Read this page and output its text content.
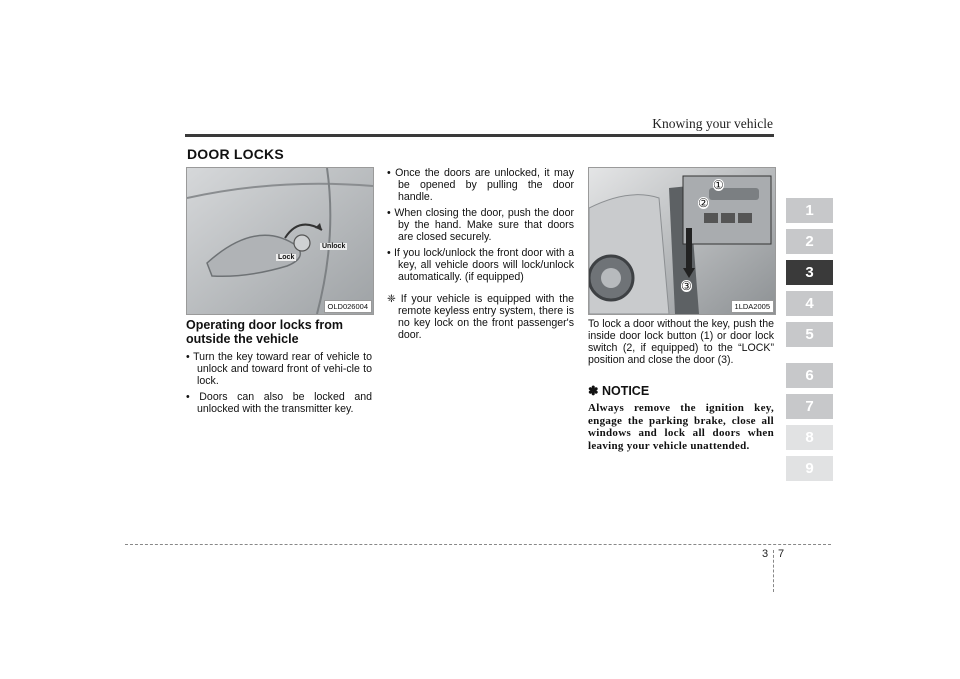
Knowing your vehicle
DOOR LOCKS
Lock
Unlock
OLD026004
Operating door locks from outside the vehicle
• Turn the key toward rear of vehicle to unlock and toward front of vehi-cle to lock.
• Doors can also be locked and unlocked with the transmitter key.
• Once the doors are unlocked, it may be opened by pulling the door handle.
• When closing the door, push the door by the hand. Make sure that doors are closed securely.
• If you lock/unlock the front door with a key, all vehicle doors will lock/unlock automatically. (if equipped)
❈ If your vehicle is equipped with the remote keyless entry system, there is no key lock on the front passenger's door.
①
②
③
1LDA2005
To lock a door without the key, push the inside door lock button (1) or door lock switch (2, if equipped) to the “LOCK” position and close the door (3).
✽ NOTICE
Always remove the ignition key, engage the parking brake, close all windows and lock all doors when leaving your vehicle unattended.
1
2
3
4
5
6
7
8
9
3 7
